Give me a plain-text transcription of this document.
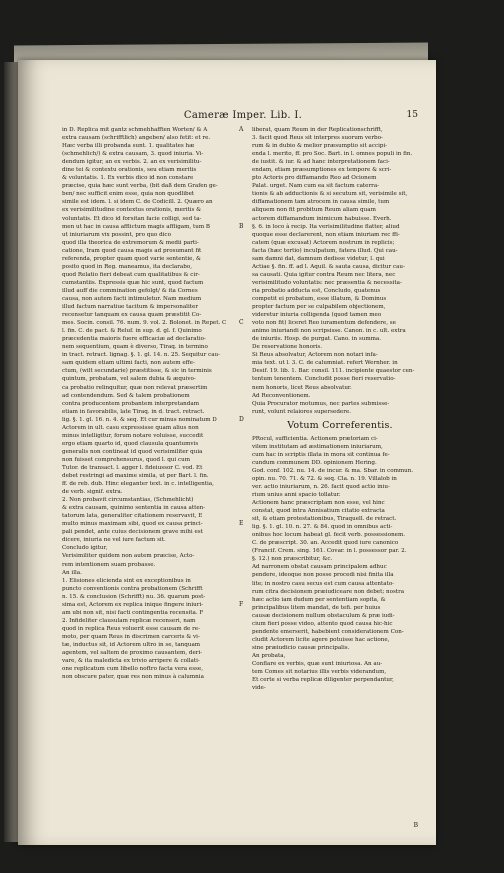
Cameræ Imper. Lib. I.	15
in D. Replica mit gantz schmehhafften Worten/ & A
extra causam (schrifftlich) angeben/ also fetit: et re.
Hæc verba illi probanda sunt. 1. qualitates hæ
(schmehlich/) & extra causam, 3. quod iniuria. Vi-
dendum igitur, an ex verbis. 2. an ex verisimilitu-
dine tei & contextu orationis, seu etiam meritis
& voluntatis. 1. Ex verbis dico id non constare
præcise, quia hæc sunt verba, (bit daß dem Grafen ge-
ben/ nec sufficit enim esse, quia non quodlibet
simile est idem. l. si idem C. de Codicill. 2. Quæro an
ex verisimilitudine contextus orationis, meritis &
voluntatis. Et dico id forsitan facie colligi, sed ta-
men ut hac in causa afflictum magis affligam, tum B
ut iniuriarum vix possint, pro quo dico
quod illa theorica de extremorum & medii parti-
catione, Iram quod causa magis ad prosumant fit
referenda, propter quam quod varie sententie, &
posito quod in Reg. maneamus, ita declarabo,
quod Relatio fieri debeat cum qualitatibus & cir-
cumstantiis. Expressis quæ hic sunt, quod factum
illud auff die commination gefolgt/ & ita Cornes
causa, non autem facti intimuletur. Nam medium
illud factum narratiue tacitum & impersonaliter
recensetur tanquam ex causa quam præstitit Co-
mes. Socin. consil. 76. num. 9. vol. 2. Bolonet. in Repet. C
l. fin. C. de pact. & Reluf. in sup. d. gl. f. Quinimo
præcedentia maioris fuere efficaciæ ad declaratio-
nem sequentium, quam è diverso, Tiraq. in termino
in tract. retract. lignag. §. 1. gl. 14. n. 25. Sequitur cau-
sam quidem etiam ultimi facti, non autem effe-
ctum, (wilt secundarie) præstitisse, & sic in terminis
quintum, probatam, vel salem dubia & æquivo-
ca probatio relinquitur, quæ non relevat præsertim
ad contendendum. Sed & talem probationem
contra producentem probantem interpretandam
etiam in favorabilis, late Tiraq. in d. tract. retract.
lig. §. 1. gl. 16. n. 4. & seq. Et cur minus nominatum D
Actorem in ult. casu expressisse quam alius non
minus intelligitur, forum notare voluisse, succedit
ergo etiam quarto id, quod clausula quantumvis
generalis non contineat id quod verisimiliter quia
non fuisset comprehensurus, quod l. qui cum
Tutor. de transact. l. agger l. fideiussor C. vod. Et
debet restringi ad maxime simila, ut per Bart. l. fin.
ff. de reb. dub. Hinc eleganter text. in c. intelligentia,
de verb. signif. extra.
2. Non probavit circumstantias, (Schmehlicht)
& extra causam, quinimo sententia in causa atten-
tatorum lata, generaliter citationem reservavit, E
multo minus maximam sibi, quod ex causa princi-
pali pendet, ante cuius decisionem grave mihi est
dicere, iniuria ne vel iure factum sit.
Concludo igitur,
Verisimiliter quidem non autem præcise, Acto-
rem intentionem suam probasse.
An illa.
1. Elisiones elicienda sint ex exceptionibus in
puncto conventionis contra probationem (Schrifft
n. 15. & conclusion (Schrifft) nu. 36. quarum post-
sima est, Actorem ex replica inique fingere iniuri-
am ubi non sit, nisi facti contingentia recensita. F
2. Infideliter clausulam replicæ recenseri, nam
quod in replica Reus voluerit esse causam de re-
moto, per quam Reus in discrimen carceris & vi-
tæ, inductus sit, id Actorem ultro in se, tanquam
agentem, vel saltem de proximo causantem, deri-
vare, & ita maledicta ex trivio arripere & collati-
one replicatum cum libello noftro facta vera esse,
non obscure pater, quæ res non minus à calumnia
A
B
C
D
E
F
liberat, quam Reum in der Replicationschrifft,
3. facit quod Reus sit interpres suorum verbo-
rum & in dubio & melior præsumptio sit accipi-
enda l. merito, ff. pro Soc. Bart. in l. omnes populi in fin.
de iustit. & iur. & ad hanc interpretationem faci-
endam, etiam præsumptiones ex tempore & scri-
pto Actoris pro diffamando Reo ad Ocionem
Palat. urget. Nam cum ea sit factum caterra-
tionis & ab adductionis & si secutum sit, verisimile sit,
diffamationem tam atrocem in causa simile, tum
aliquem non fit probitum Reum aliam quam
actorem diffamandum inimicum habuisse. Everh.
§. 6. in loco à recip. Ita verisimilitudine flatter, aliud
quoque esse declarerent, non etiam iniuriam rec ffi-
catem (quæ excusat) Actorem nostrum in replicis;
facta (hæc tertio) inculpatum, fatera illud. Qui cau-
sam damni dat, damnum dedisse videtur, l. qui
Actiae §. fin. ff. ad l. Aquil. & sauta causa, dicitur cau-
sa causati. Quia igitur contra Reum nec litera, nec
verisimilitudo voluntatis: nec præsentia & necessita-
ria probatio adducta est, Concludo, quatenus
competit ei probatum, esse illatum, & Dominus
propter factum per se culpabilem objectionem,
videretur iniuria colligenda (quod tamen meo
voto non fit) liceret Reo iuramentum defendere, se
animo iniuriandi non scripsisse. Canon. in c. ult. extra
de iniuriis. Hosp. de purgat. Cano. in summa.
De reservatione honoris.
Si Reus absolvatur, Actorem non notari infa-
mia text. ut l. 3. C. de calumniat. refert Wernher. in
Desif. 19. lib. 1. Bar. consil. 111. incipiente quaestor cen-
tentum tenentem. Concludit posse fieri reservatio-
nem honoris, licet Reus absolvatur.
Ad Reconventionem.
Quia Procurator motumus, nec partes submisse-
runt, volunt relaiores supersedere.
Votum Correferentis.
PRocul, sufficientia. Actionem prætoriam ci-
vilem institutam ad æstimationem iniuriarum,
cum hac in scriptis illata in mora sit continua fe-
cundum communem DD. opinionem Hering.
God. conf. 102. nu. 14. de incur. & ma. Sbar. in commun.
opin. nu. 70. 71. & 72. & seq. Cla. n. 19. Villalob in
ver. actio iniuriarum, n. 26. facit quod actio iniu-
rium unius anni spacio tollatur.
Actionem hanc præscriptam non esse, vel hinc
constat, quod intra Annisatium citatio extracta
sit, & etiam protestationibus, Tiraquell. de retract.
lig. §. 1. gl. 10. n. 27. & 84. quod in omnibus acti-
onibus hoc locum habeat gl. fecit verb. possessionem.
C. de præscript. 30. an. Accedit quod iure canonico
(Francif. Crem. sing. 161. Covar. in l. possessor par. 2.
§. 12.) non præscribitur, &c.
Ad narronem obstat causam principalem adhuc
pendere, ideoque non posse procedi nisi finita illa
lite; in nostro casu secus est cum causa attentato-
rum citra decisionem præiudiceare non debet; nostra
hæc actio iam dudum per sententiam sopita, &
principalibus litem mandat, de tefi. per huius
causæ decisionem nullum obstaculum & præ iudi-
cium fieri posse video, attento quod causa hic-hic
pendente emerserit, habebient considerationem Con-
cludit Actorem licite agere potuisse hac actione,
sine præiudicio causæ principalis.
An probata,
Conflare ex verbis, quæ sunt iniuriosa. An au-
tem Comes sit notarius illis verbis viderandum,
Et certe si verba replicæ diligenter perpendantur,
vide-
B
